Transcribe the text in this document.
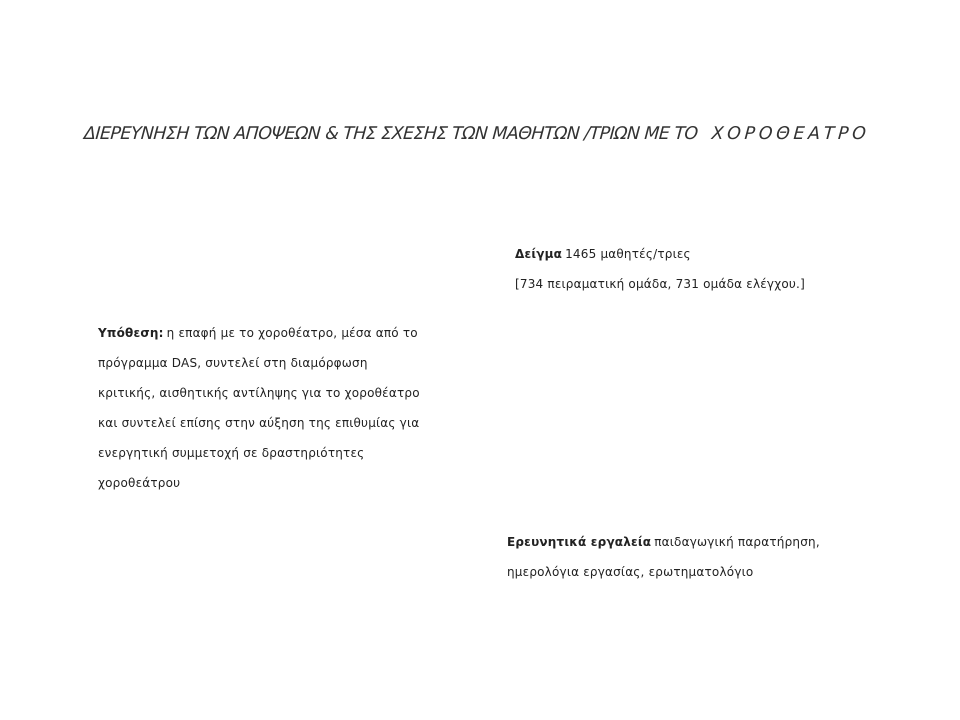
ΔΙΕΡΕΥΝΗΣΗ ΤΩΝ ΑΠΟΨΕΩΝ & ΤΗΣ ΣΧΕΣΗΣ ΤΩΝ ΜΑΘΗΤΩΝ /ΤΡΙΩΝ ΜΕ ΤΟ ΧΟΡΟΘΕΑΤΡΟ
Δείγμα 1465 μαθητές/τριες
[734 πειραματική ομάδα, 731 ομάδα ελέγχου.]
Υπόθεση: η επαφή με το χοροθέατρο, μέσα από το
πρόγραμμα DAS, συντελεί στη διαμόρφωση
κριτικής, αισθητικής αντίληψης για το χοροθέατρο
και συντελεί επίσης στην αύξηση της επιθυμίας για
ενεργητική συμμετοχή σε δραστηριότητες
χοροθεάτρου
Ερευνητικά εργαλεία παιδαγωγική παρατήρηση,
ημερολόγια εργασίας, ερωτηματολόγιο
